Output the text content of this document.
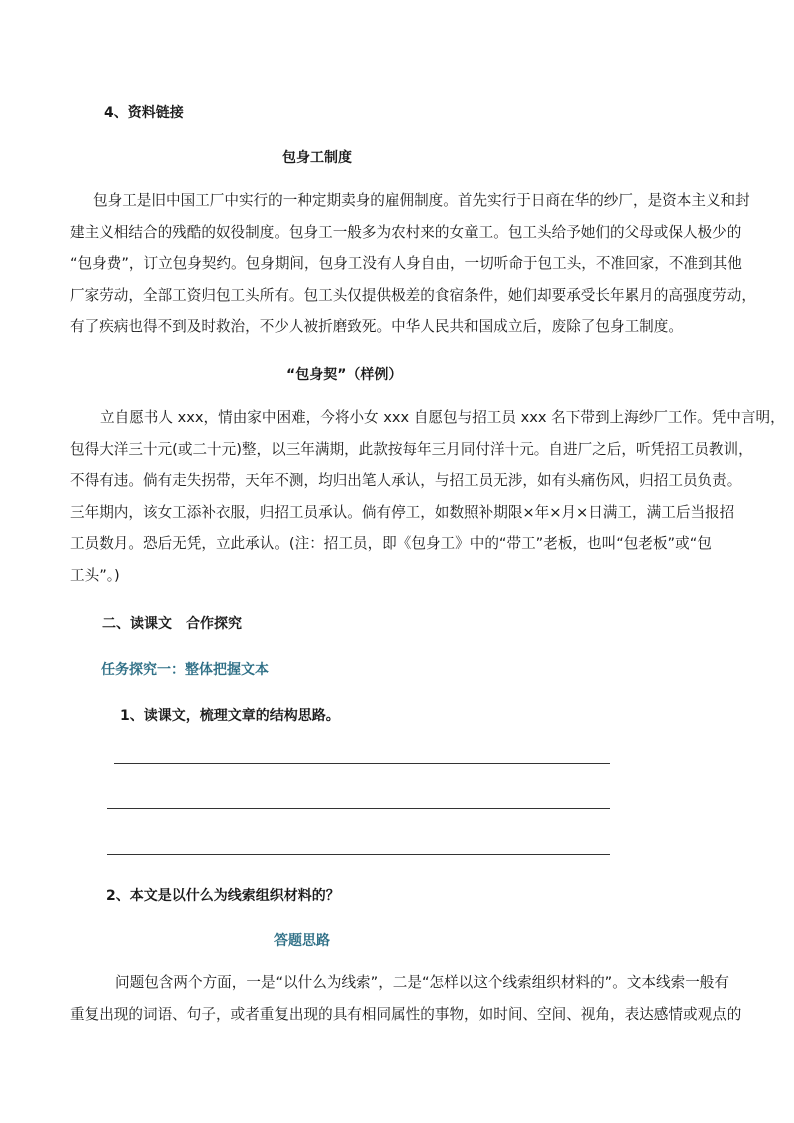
4、资料链接
包身工制度
包身工是旧中国工厂中实行的一种定期卖身的雇佣制度。首先实行于日商在华的纱厂，是资本主义和封
建主义相结合的残酷的奴役制度。包身工一般多为农村来的女童工。包工头给予她们的父母或保人极少的
“包身费”，订立包身契约。包身期间，包身工没有人身自由，一切听命于包工头，不准回家，不准到其他
厂家劳动，全部工资归包工头所有。包工头仅提供极差的食宿条件，她们却要承受长年累月的高强度劳动，
有了疾病也得不到及时救治，不少人被折磨致死。中华人民共和国成立后，废除了包身工制度。
“包身契”（样例）
立自愿书人 xxx，情由家中困难，今将小女 xxx 自愿包与招工员 xxx 名下带到上海纱厂工作。凭中言明，
包得大洋三十元(或二十元)整，以三年满期，此款按每年三月同付洋十元。自进厂之后，听凭招工员教训，
不得有违。倘有走失拐带，天年不测，均归出笔人承认，与招工员无涉，如有头痛伤风，归招工员负责。
三年期内，该女工添补衣服，归招工员承认。倘有停工，如数照补期限×年×月×日满工，满工后当报招
工员数月。恐后无凭，立此承认。(注：招工员，即《包身工》中的“带工”老板，也叫“包老板”或“包
工头”。)
二、读课文　合作探究
任务探究一：整体把握文本
1、读课文，梳理文章的结构思路。
2、本文是以什么为线索组织材料的？
答题思路
问题包含两个方面，一是“以什么为线索”，二是“怎样以这个线索组织材料的”。文本线索一般有
重复出现的词语、句子，或者重复出现的具有相同属性的事物，如时间、空间、视角，表达感情或观点的
